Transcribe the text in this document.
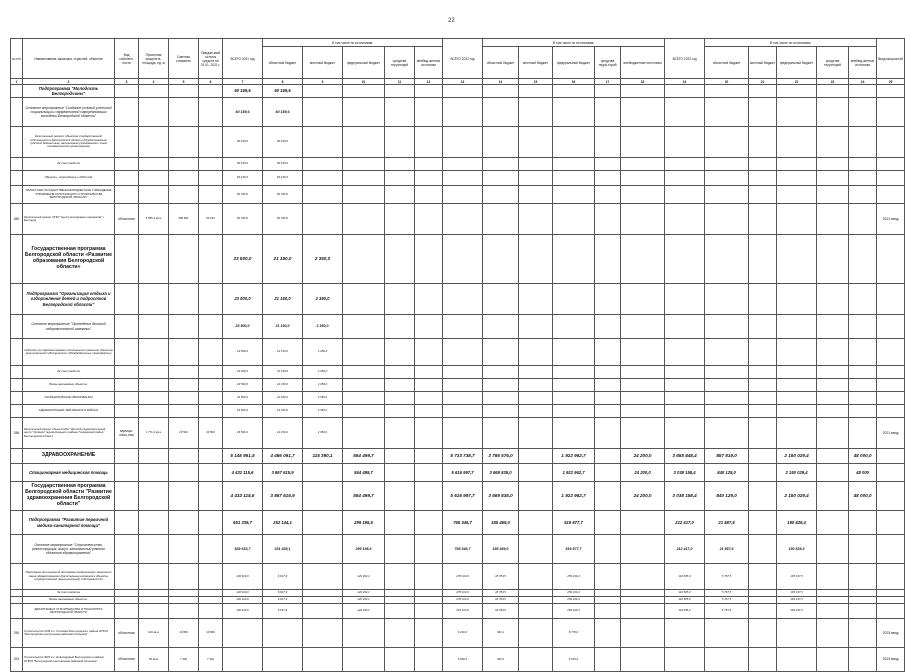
22
№ п/п	Наименование заказчика, отраслей, объектов	Вид собствен-ности	Проектная мощность, площадь, ед. м	Сметная стоимость	Ожидае-мый остаток средств на 01.01. 2021 г.	ВСЕГО 2021 год	В том числе по источникам:					ВСЕГО 2022 год	В том числе по источникам:					ВСЕГО 2023 год	В том числе по источникам:					Ввод мощностей
							областной бюджет	местный бюджет	федеральный бюджет	средства территорий	внебюд-жетные источники		областной бюджет	местный бюджет	федеральный бюджет	средства терри-торий	внебюджетные источники		областной бюджет	местный бюджет	федеральный бюджет	средства территорий	внебюд-жетные источники	
1	2	3	4	5	6	7	8	9	10	11	12	13	14	15	16	17	18	19	20	21	22	23	24	25
	Подпрограмма "Молодость Белгородчины"					60 159,6	60 159,6																	
	Основное мероприятие "Создание условий успешной социализации и эффективной самореализации молодежи Белгородской области"					60 159,6	60 159,6																	
	Капитальный ремонт объектов государственной собственности Белгородской области (Предоставление субсидий бюджетным, автономным учреждениям и иным некоммерческим организациям)					60 159,6	60 159,6																	
	За счет кредита					60 159,6	60 159,6																	
	Объекты, переходящие с 2020 года					60 159,6	60 159,6																	
	ОБЛАСТНОЕ ГОСУДАРСТВЕННОЕ БЮДЖЕТНОЕ УЧРЕЖДЕНИЕ "УПРАВЛЕНИЕ КАПИТАЛЬНОГО СТРОИТЕЛЬСТВА БЕЛГОРОДСКОЙ ОБЛАСТИ"					60 159,6	60 159,6																	
280	Капитальный ремонт ОГБУ "Центр молодежных инициатив" г. Белгород	областная	5 555,4 кв.м	289 861	60 160	60 159,6	60 159,6																	2021 ввод
	Государственная программа Белгородской области «Развитие образования Белгородской области»					23 500,0	21 150,0	2 350,0																
	Подпрограмма "Организация отдыха и оздоровления детей и подростков Белгородской области"					23 500,0	21 150,0	2 350,0																
	Основное мероприятие "Проведение детской оздоровительной кампании"					23 500,0	21 150,0	2 350,0																
	Субсидии на софинансирование капитального ремонта объектов муниципальной собственности (Межбюджетные трансферты)					23 500,0	21 150,0	2 350,0																
	За счет кредита					23 500,0	21 150,0	2 350,0																
	Вновь начинаемые объекты:					23 500,0	21 150,0	2 350,0																
	МУНИЦИПАЛЬНЫЕ ОБРАЗОВАНИЯ					23 500,0	21 150,0	2 350,0																
	АДМИНИСТРАЦИЯ ЧЕРНЯНСКОГО РАЙОНА					23 500,0	21 150,0	2 350,0																
286	Капитальный ремонт объекта МАУ "Детский оздоровительный центр "Орлёнок" муниципального района "Чернянский район" Белгородской области	муници-паль-ная	1 771,2 кв.м	23 500	23 500	23 500,0	21 150,0	2 350,0																2021 ввод
	ЗДРАВООХРАНЕНИЕ					5 145 951,5	4 466 061,7	115 390,1	564 499,7			5 733 738,7	3 786 576,0		1 922 962,7		24 200,0	3 655 848,4	857 819,0		2 150 029,4		48 000,0	
	Стационарная медицинская помощь					4 432 115,6	3 867 615,9		564 499,7			5 616 997,7	3 669 835,0		1 922 962,7		24 200,0	3 038 158,4	840 129,0		2 150 029,4		48 000	
	Государственная программа Белгородской области "Развитие здравоохранения Белгородской области"					4 432 115,6	3 867 615,9		564 499,7			5 616 997,7	3 669 835,0		1 922 962,7		24 200,0	3 038 158,4	840 129,0		2 150 029,4		48 000,0	
	Подпрограмма "Развитие первичной медико-санитарной помощи"					551 339,7	252 144,1		299 195,6			765 346,7	185 469,0		519 877,7			212 417,0	21 587,6		190 829,4			
	Основное мероприятие "Строительство, реконструкция, выкуп, капитальный ремонт объектов здравоохранения"					539 633,7	231 438,1		299 195,6			765 346,7	185 469,0		519 877,7			212 417,0	21 587,6		190 829,4			
	Реализация региональной программы модернизации первичного звена здравоохранения (Капитальные вложения в объекты государственной (муниципальной) собственности)					126 910,0	6 617,9		120 292,1			278 013,9	18 784,5		259 249,4			110 565,0	5 767,5		105 197,5			
	За счет кредита					126 910,0	6 617,9		120 292,1			278 013,9	18 784,5		259 249,4			110 565,0	5 767,5		105 197,5			
	Вновь начинаемые объекты:					126 910,0	6 617,9		120 292,1			278 013,9	18 784,5		259 249,4			110 565,0	5 767,5		105 197,5			
	ДЕПАРТАМЕНТ СТРОИТЕЛЬСТВА И ТРАНСПОРТА БЕЛГОРОДСКОЙ ОБЛАСТИ					126 910,0	6 617,9		120 292,1			278 013,9	18 784,5		259 249,4			110 565,0	5 767,5		105 197,5			
290	Строительство ОСВ в с. Головино Белгородского района ОГБУЗ "Белгородская центральная районная больница"	областная	140 кв.м	13 869	13 869							9 240,0	462,1		8 778,0									2023 ввод
291	Строительство ФАП в с. Новосадовый Белгородского района ОГБУЗ "Белгородская центральная районная больница"	областная	55 кв.м	7 302	7 302							5 600,0	300,0		5 070,0									2023 ввод
